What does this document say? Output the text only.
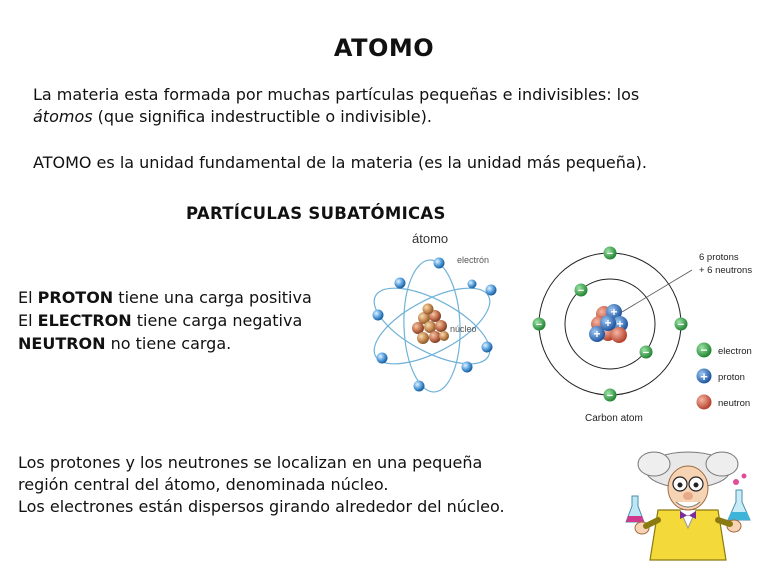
ATOMO
La materia esta formada por muchas partículas pequeñas e indivisibles: los
átomos (que significa indestructible o indivisible).
ATOMO es la unidad fundamental de la materia (es la unidad más pequeña).
PARTÍCULAS SUBATÓMICAS
El PROTON tiene una carga positiva
El ELECTRON tiene carga negativa
NEUTRON no tiene carga.
Los protones y los neutrones se localizan en una pequeña
región central del átomo, denominada núcleo.
Los electrones están dispersos girando alrededor del núcleo.
átomo
electrón
núcleo
+
+
+
+
−
−
−	−
−
−
6 protons
+ 6 neutrons
− electron
+ proton
neutron
Carbon atom
